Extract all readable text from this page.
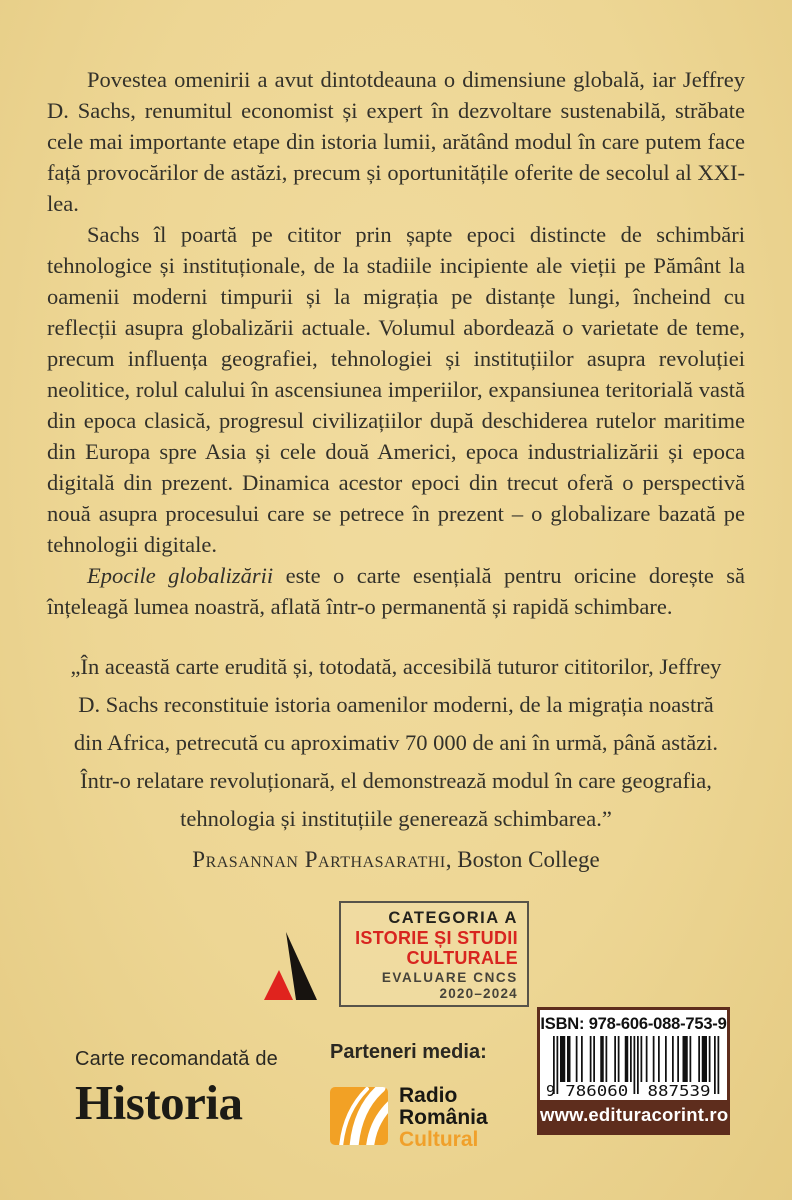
Povestea omenirii a avut dintotdeauna o dimensiune globală, iar Jeffrey D. Sachs, renumitul economist și expert în dezvoltare sustenabilă, străbate cele mai importante etape din istoria lumii, arătând modul în care putem face față provocărilor de astăzi, precum și oportunitățile oferite de secolul al XXI-lea.

Sachs îl poartă pe cititor prin șapte epoci distincte de schimbări tehnologice și instituționale, de la stadiile incipiente ale vieții pe Pământ la oamenii moderni timpurii și la migrația pe distanțe lungi, încheind cu reflecții asupra globalizării actuale. Volumul abordează o varietate de teme, precum influența geografiei, tehnologiei și instituțiilor asupra revoluției neolitice, rolul calului în ascensiunea imperiilor, expansiunea teritorială vastă din epoca clasică, progresul civilizațiilor după deschiderea rutelor maritime din Europa spre Asia și cele două Americi, epoca industrializării și epoca digitală din prezent. Dinamica acestor epoci din trecut oferă o perspectivă nouă asupra procesului care se petrece în prezent – o globalizare bazată pe tehnologii digitale.

Epocile globalizării este o carte esențială pentru oricine dorește să înțeleagă lumea noastră, aflată într-o permanentă și rapidă schimbare.

„În această carte erudită și, totodată, accesibilă tuturor cititorilor, Jeffrey D. Sachs reconstituie istoria oamenilor moderni, de la migrația noastră din Africa, petrecută cu aproximativ 70 000 de ani în urmă, până astăzi. Într-o relatare revoluționară, el demonstrează modul în care geografia, tehnologia și instituțiile generează schimbarea.”
Prasannan Parthasarathi, Boston College
CATEGORIA A
ISTORIE ȘI STUDII
CULTURALE
EVALUARE CNCS
2020–2024
Carte recomandată de
Historia
Parteneri media:
Radio
România
Cultural
ISBN: 978-606-088-753-9
9 786060 887539
www.edituracorint.ro
